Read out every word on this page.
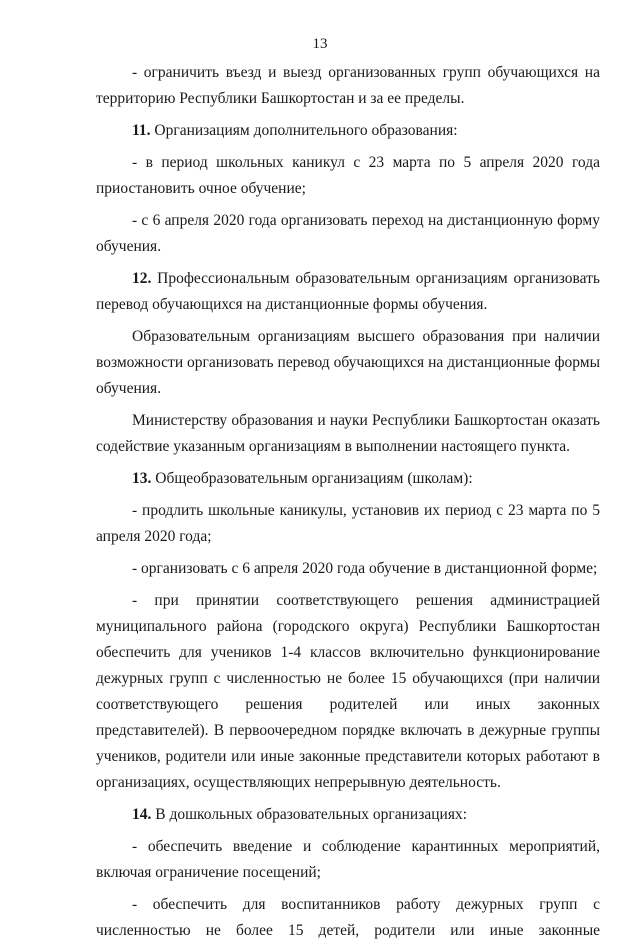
13

- ограничить въезд и выезд организованных групп обучающихся на территорию Республики Башкортостан и за ее пределы.

11. Организациям дополнительного образования:

- в период школьных каникул с 23 марта по 5 апреля 2020 года приостановить очное обучение;

- с 6 апреля 2020 года организовать переход на дистанционную форму обучения.

12. Профессиональным образовательным организациям организовать перевод обучающихся на дистанционные формы обучения.

Образовательным организациям высшего образования при наличии возможности организовать перевод обучающихся на дистанционные формы обучения.

Министерству образования и науки Республики Башкортостан оказать содействие указанным организациям в выполнении настоящего пункта.

13. Общеобразовательным организациям (школам):

- продлить школьные каникулы, установив их период с 23 марта по 5 апреля 2020 года;

- организовать с 6 апреля 2020 года обучение в дистанционной форме;

- при принятии соответствующего решения администрацией муниципального района (городского округа) Республики Башкортостан обеспечить для учеников 1-4 классов включительно функционирование дежурных групп с численностью не более 15 обучающихся (при наличии соответствующего решения родителей или иных законных представителей). В первоочередном порядке включать в дежурные группы учеников, родители или иные законные представители которых работают в организациях, осуществляющих непрерывную деятельность.

14. В дошкольных образовательных организациях:

- обеспечить введение и соблюдение карантинных мероприятий, включая ограничение посещений;

- обеспечить для воспитанников работу дежурных групп с численностью не более 15 детей, родители или иные законные
